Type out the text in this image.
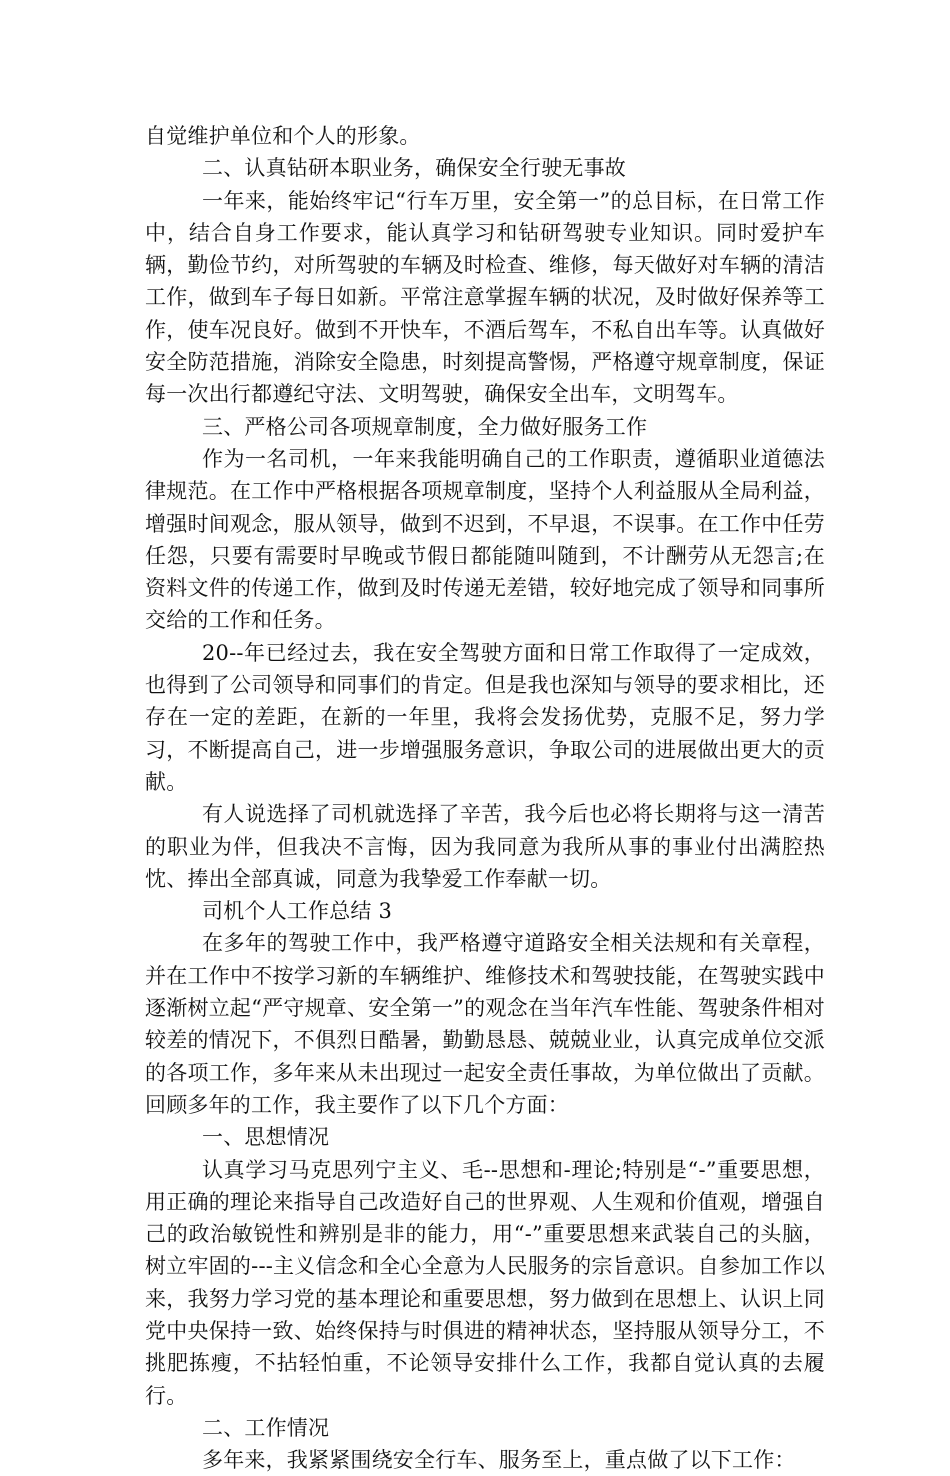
自觉维护单位和个人的形象。

二、认真钻研本职业务，确保安全行驶无事故

一年来，能始终牢记“行车万里，安全第一”的总目标，在日常工作中，结合自身工作要求，能认真学习和钻研驾驶专业知识。同时爱护车辆，勤俭节约，对所驾驶的车辆及时检查、维修，每天做好对车辆的清洁工作，做到车子每日如新。平常注意掌握车辆的状况，及时做好保养等工作，使车况良好。做到不开快车，不酒后驾车，不私自出车等。认真做好安全防范措施，消除安全隐患，时刻提高警惕，严格遵守规章制度，保证每一次出行都遵纪守法、文明驾驶，确保安全出车，文明驾车。

三、严格公司各项规章制度，全力做好服务工作

作为一名司机，一年来我能明确自己的工作职责，遵循职业道德法律规范。在工作中严格根据各项规章制度，坚持个人利益服从全局利益，增强时间观念，服从领导，做到不迟到，不早退，不误事。在工作中任劳任怨，只要有需要时早晚或节假日都能随叫随到，不计酬劳从无怨言;在资料文件的传递工作，做到及时传递无差错，较好地完成了领导和同事所交给的工作和任务。

20--年已经过去，我在安全驾驶方面和日常工作取得了一定成效，也得到了公司领导和同事们的肯定。但是我也深知与领导的要求相比，还存在一定的差距，在新的一年里，我将会发扬优势，克服不足，努力学习，不断提高自己，进一步增强服务意识，争取公司的进展做出更大的贡献。

有人说选择了司机就选择了辛苦，我今后也必将长期将与这一清苦的职业为伴，但我决不言悔，因为我同意为我所从事的事业付出满腔热忱、捧出全部真诚，同意为我挚爱工作奉献一切。

司机个人工作总结 3

在多年的驾驶工作中，我严格遵守道路安全相关法规和有关章程，并在工作中不按学习新的车辆维护、维修技术和驾驶技能，在驾驶实践中逐渐树立起“严守规章、安全第一”的观念在当年汽车性能、驾驶条件相对较差的情况下，不俱烈日酷暑，勤勤恳恳、兢兢业业，认真完成单位交派的各项工作，多年来从未出现过一起安全责任事故，为单位做出了贡献。回顾多年的工作，我主要作了以下几个方面：

一、思想情况

认真学习马克思列宁主义、毛--思想和-理论;特别是“-”重要思想，用正确的理论来指导自己改造好自己的世界观、人生观和价值观，增强自己的政治敏锐性和辨别是非的能力，用“-”重要思想来武装自己的头脑，树立牢固的---主义信念和全心全意为人民服务的宗旨意识。自参加工作以来，我努力学习党的基本理论和重要思想，努力做到在思想上、认识上同党中央保持一致、始终保持与时俱进的精神状态，坚持服从领导分工，不挑肥拣瘦，不拈轻怕重，不论领导安排什么工作，我都自觉认真的去履行。

二、工作情况

多年来，我紧紧围绕安全行车、服务至上，重点做了以下工作：
